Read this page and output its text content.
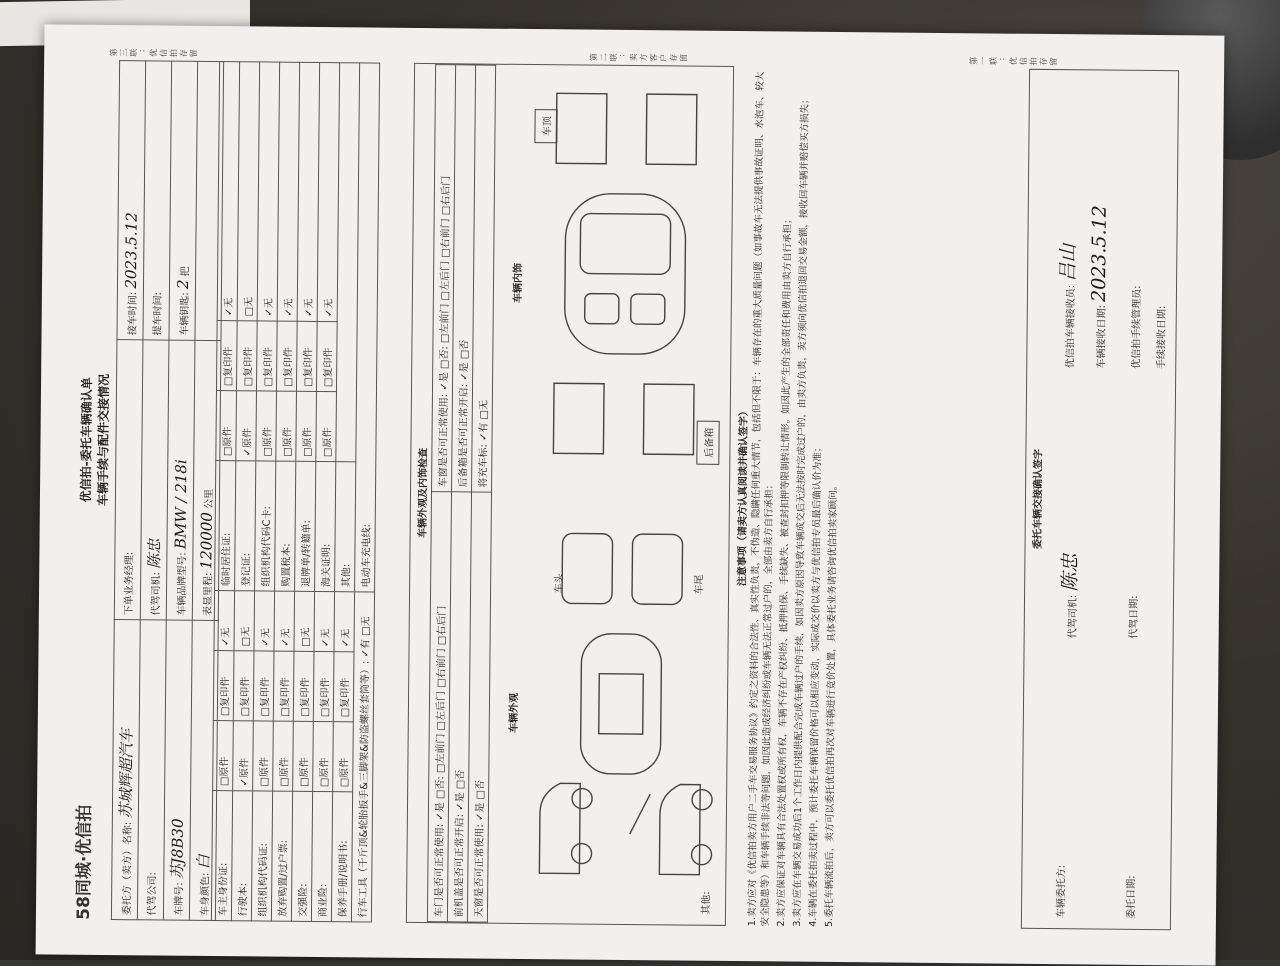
58同城·优信拍
优信拍-委托车辆确认单 车辆手续与配件交接情况
委托方（卖方）名称: 苏城辉超汽车	下单业务经理:	接车时间: 2023.5.12
代驾公司:	代驾司机: 陈忠	提车时间:
车牌号: 苏J8B30	车辆品牌型号: BMW / 218i	车辆钥匙: 2 把
车身颜色: 白	表显里程: 120000 公里	
车主身份证:	□原件	□复印件	✓无	临时居住证:	□原件	□复印件	✓无
行驶本:	✓原件	□复印件	□无	登记证:	✓原件	□复印件	□无
组织机构代码证:	□原件	□复印件	✓无	组织机构代码C卡:	□原件	□复印件	✓无
放弃购置/过户票:	□原件	□复印件	✓无	购置税本:	□原件	□复印件	✓无
交强险:	□原件	□复印件	□无	退牌单/转籍单:	□原件	□复印件	✓无
商业险:	□原件	□复印件	✓无	海关证明:	□原件	□复印件	✓无
保养手册/说明书:	□原件	□复印件	✓无	其他:			
行车工具（千斤顶&轮胎扳手&三脚架&防盗螺丝套筒等）: ✓有 □无				电动车充电线:			
车辆外观及内饰检查
车门是否可正常使用: ✓是 □否: □左前门 □左后门 □右前门 □右后门	车窗是否可正常使用: ✓是 □否: □左前门 □左后门 □右前门 □右后门
前机盖是否可正常开启: ✓是 □否	后备箱是否可正常开启: ✓是 □否
天窗是否可正常使用: ✓是 □否	将充车标: ✓有 □无
车辆外观
车辆内饰
车头	车尾
车顶
后备箱
其他:
注意事项（请卖方认真阅读并确认签字）

1.卖方应对《优信拍卖方用户二手车交易服务协议》约定之资料的合法性、真实性负责，不伪造、隐瞒任何重大情节，包括但不限于：车辆存在的重大质量问题（如事故车无法提供事故证明、水泡车、较大安全隐患等）和车辆手续非法等问题，如因此造成经济纠纷或车辆无法正常过户的，全部由卖方自行承担； 2.卖方应保证对车辆具有合法处置权或所有权，车辆不存在产权纠纷、抵押担保、手续缺失、被查封扣押等限制转让情形。如因此产生的全部责任和费用由卖方自行承担；

3.卖方应在车辆交易成功后1个工作日内提供配合完成车辆过户的手续，如因卖方原因导致车辆成交后无法按时完成过户的，由卖方负责，卖方须向优信拍退回交易金额，接收回车辆并赔偿买方损失；

4.车辆在委托拍卖过程中，预计委托车辆保留价格可以相应变动，实际成交价以卖方与优信拍专员最后确认价为准； 5.委托车辆流拍后，卖方可以委托优信拍再次对车辆进行竞价处置，具体委托业务请咨询优信拍卖家顾问。	委托车辆交接确认签字
车辆委托方:	委托日期:
代驾司机: 陈忠
代驾日期:
优信拍车辆接收员: 吕山
车辆接收日期: 2023.5.12
优信拍手续管理员:	手续接收日期:
第三联：优信拍存留	第二联：卖方客户存留	第一联：优信拍存留
